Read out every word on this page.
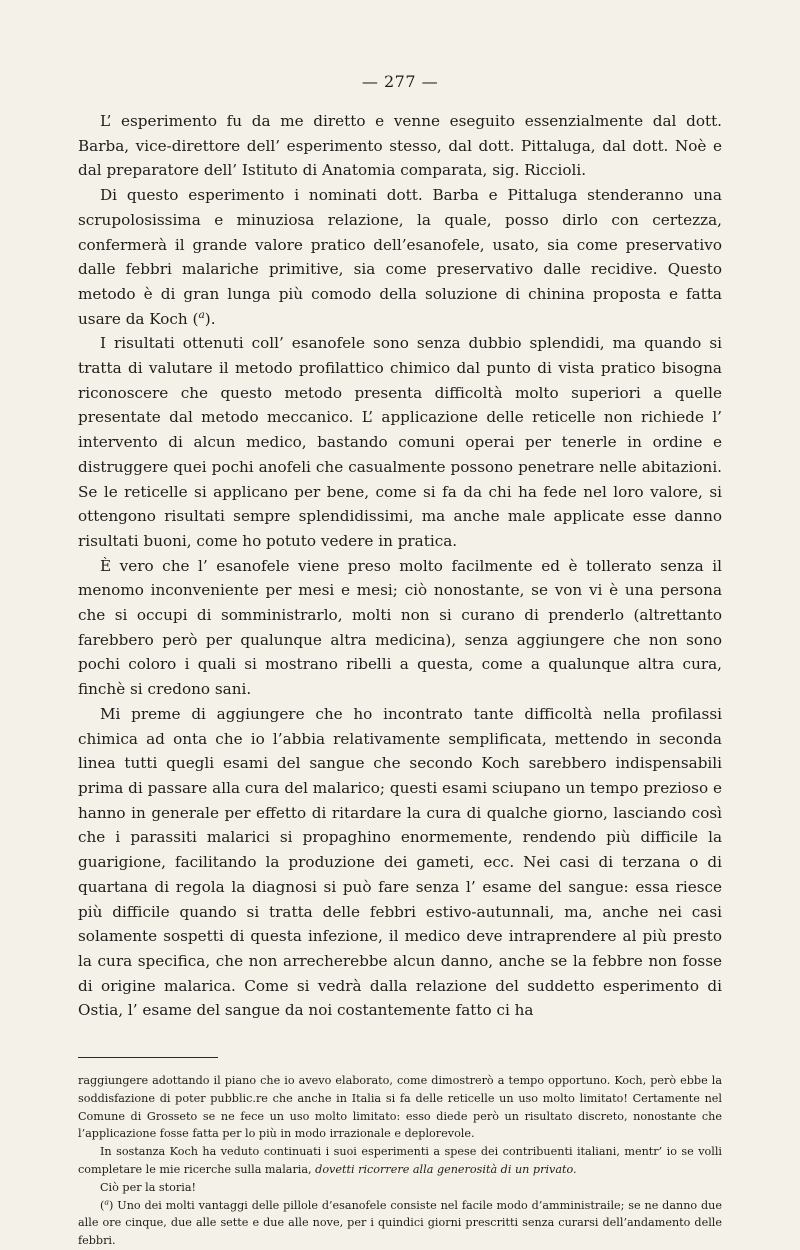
— 277 —

L’ esperimento fu da me diretto e venne eseguito essenzialmente dal dott. Barba, vice-direttore dell’ esperimento stesso, dal dott. Pittaluga, dal dott. Noè e dal preparatore dell’ Istituto di Anatomia comparata, sig. Riccioli.

Di questo esperimento i nominati dott. Barba e Pittaluga stenderanno una scrupolosissima e minuziosa relazione, la quale, posso dirlo con certezza, confermerà il grande valore pratico dell’esanofele, usato, sia come preservativo dalle febbri malariche primitive, sia come preservativo dalle recidive. Questo metodo è di gran lunga più comodo della soluzione di chinina proposta e fatta usare da Koch ($^a$).

I risultati ottenuti coll’ esanofele sono senza dubbio splendidi, ma quando si tratta di valutare il metodo profilattico chimico dal punto di vista pratico bisogna riconoscere che questo metodo presenta difficoltà molto superiori a quelle presentate dal metodo meccanico. L’ applicazione delle reticelle non richiede l’ intervento di alcun medico, bastando comuni operai per tenerle in ordine e distruggere quei pochi anofeli che casualmente possono penetrare nelle abitazioni. Se le reticelle si applicano per bene, come si fa da chi ha fede nel loro valore, si ottengono risultati sempre splendidissimi, ma anche male applicate esse danno risultati buoni, come ho potuto vedere in pratica.

È vero che l’ esanofele viene preso molto facilmente ed è tollerato senza il menomo inconveniente per mesi e mesi; ciò nonostante, se von vi è una persona che si occupi di somministrarlo, molti non si curano di prenderlo (altrettanto farebbero però per qualunque altra medicina), senza aggiungere che non sono pochi coloro i quali si mostrano ribelli a questa, come a qualunque altra cura, finchè si credono sani.

Mi preme di aggiungere che ho incontrato tante difficoltà nella profilassi chimica ad onta che io l’abbia relativamente semplificata, mettendo in seconda linea tutti quegli esami del sangue che secondo Koch sarebbero indispensabili prima di passare alla cura del malarico; questi esami sciupano un tempo prezioso e hanno in generale per effetto di ritardare la cura di qualche giorno, lasciando così che i parassiti malarici si propaghino enormemente, rendendo più difficile la guarigione, facilitando la produzione dei gameti, ecc. Nei casi di terzana o di quartana di regola la diagnosi si può fare senza l’ esame del sangue: essa riesce più difficile quando si tratta delle febbri estivo-autunnali, ma, anche nei casi solamente sospetti di questa infezione, il medico deve intraprendere al più presto la cura specifica, che non arrecherebbe alcun danno, anche se la febbre non fosse di origine malarica. Come si vedrà dalla relazione del suddetto esperimento di Ostia, l’ esame del sangue da noi costantemente fatto ci ha

raggiungere adottando il piano che io avevo elaborato, come dimostrerò a tempo opportuno. Koch, però ebbe la soddisfazione di poter pubblic.re che anche in Italia si fa delle reticelle un uso molto limitato! Certamente nel Comune di Grosseto se ne fece un uso molto limitato: esso diede però un risultato discreto, nonostante che l’applicazione fosse fatta per lo più in modo irrazionale e deplorevole.

In sostanza Koch ha veduto continuati i suoi esperimenti a spese dei contribuenti italiani, mentr’ io se volli completare le mie ricerche sulla malaria, dovetti ricorrere alla generosità di un privato.

Ciò per la storia!

($^a$) Uno dei molti vantaggi delle pillole d’esanofele consiste nel facile modo d’amministraile; se ne danno due alle ore cinque, due alle sette e due alle nove, per i quindici giorni prescritti senza curarsi dell’andamento delle febbri.
